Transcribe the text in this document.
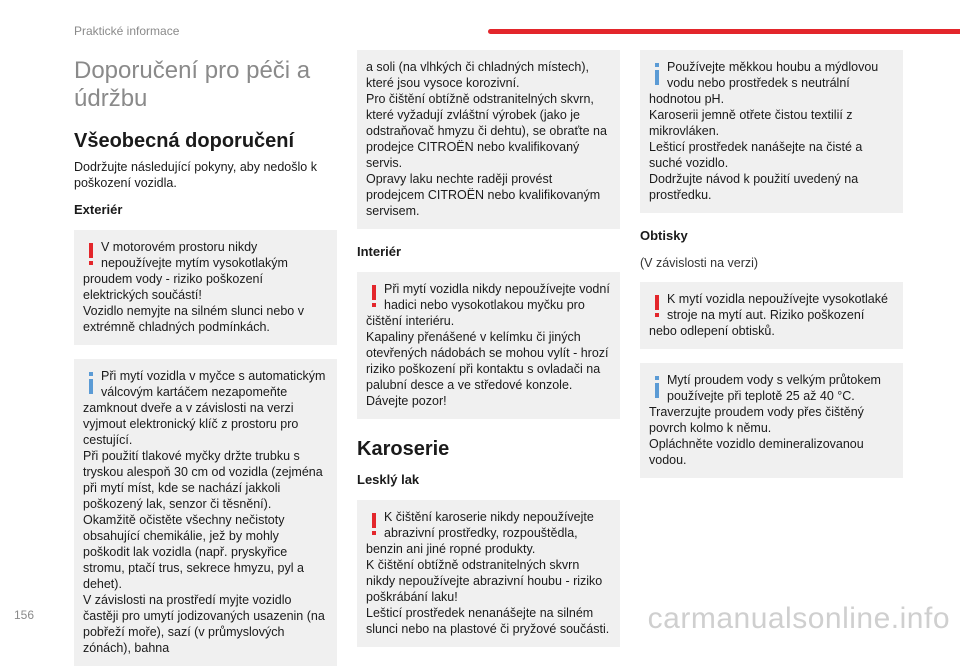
Praktické informace
Doporučení pro péči a údržbu
Všeobecná doporučení

Dodržujte následující pokyny, aby nedošlo k poškození vozidla.

Exteriér
V motorovém prostoru nikdy nepoužívejte mytím vysokotlakým proudem vody - riziko poškození elektrických součástí!
Vozidlo nemyjte na silném slunci nebo v extrémně chladných podmínkách.
Při mytí vozidla v myčce s automatickým válcovým kartáčem nezapomeňte zamknout dveře a v závislosti na verzi vyjmout elektronický klíč z prostoru pro cestující.
Při použití tlakové myčky držte trubku s tryskou alespoň 30 cm od vozidla (zejména při mytí míst, kde se nachází jakkoli poškozený lak, senzor či těsnění).
Okamžitě očistěte všechny nečistoty obsahující chemikálie, jež by mohly poškodit lak vozidla (např. pryskyřice stromu, ptačí trus, sekrece hmyzu, pyl a dehet).
V závislosti na prostředí myjte vozidlo častěji pro umytí jodizovaných usazenin (na pobřeží moře), sazí (v průmyslových zónách), bahna
a soli (na vlhkých či chladných místech), které jsou vysoce korozivní.
Pro čištění obtížně odstranitelných skvrn, které vyžadují zvláštní výrobek (jako je odstraňovač hmyzu či dehtu), se obraťte na prodejce CITROËN nebo kvalifikovaný servis.
Opravy laku nechte raději provést prodejcem CITROËN nebo kvalifikovaným servisem.
Interiér
Při mytí vozidla nikdy nepoužívejte vodní hadici nebo vysokotlakou myčku pro čištění interiéru.
Kapaliny přenášené v kelímku či jiných otevřených nádobách se mohou vylít - hrozí riziko poškození při kontaktu s ovladači na palubní desce a ve středové konzole. Dávejte pozor!
Karoserie
Lesklý lak
K čištění karoserie nikdy nepoužívejte abrazivní prostředky, rozpouštědla, benzin ani jiné ropné produkty.
K čištění obtížně odstranitelných skvrn nikdy nepoužívejte abrazivní houbu - riziko poškrábání laku!
Lešticí prostředek nenanášejte na silném slunci nebo na plastové či pryžové součásti.
Používejte měkkou houbu a mýdlovou vodu nebo prostředek s neutrální hodnotou pH.
Karoserii jemně otřete čistou textilií z mikrovláken.
Lešticí prostředek nanášejte na čisté a suché vozidlo.
Dodržujte návod k použití uvedený na prostředku.
Obtisky

(V závislosti na verzi)

K mytí vozidla nepoužívejte vysokotlaké stroje na mytí aut. Riziko poškození nebo odlepení obtisků.
Mytí proudem vody s velkým průtokem používejte při teplotě 25 až 40 °C.
Traverzujte proudem vody přes čištěný povrch kolmo k němu.
Opláchněte vozidlo demineralizovanou vodou.
156	carmanualsonline.info
